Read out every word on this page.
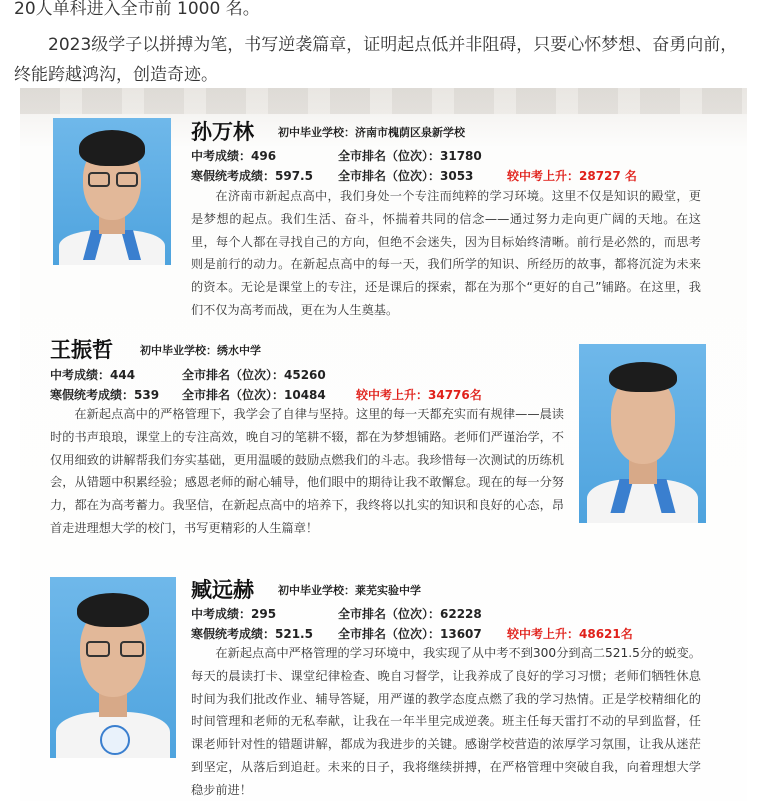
20人单科进入全市前 1000 名。

2023级学子以拼搏为笔，书写逆袭篇章，证明起点低并非阻碍，只要心怀梦想、奋勇向前，终能跨越鸿沟，创造奇迹。

孙万林 初中毕业学校：济南市槐荫区泉新学校
中考成绩：496	全市排名（位次）：31780
寒假统考成绩：597.5 全市排名（位次）：3053	较中考上升：28727 名

在济南市新起点高中，我们身处一个专注而纯粹的学习环境。这里不仅是知识的殿堂，更是梦想的起点。我们生活、奋斗，怀揣着共同的信念——通过努力走向更广阔的天地。在这里，每个人都在寻找自己的方向，但绝不会迷失，因为目标始终清晰。前行是必然的，而思考则是前行的动力。在新起点高中的每一天，我们所学的知识、所经历的故事，都将沉淀为未来的资本。无论是课堂上的专注，还是课后的探索，都在为那个“更好的自己”铺路。在这里，我们不仅为高考而战，更在为人生奠基。

王振哲 初中毕业学校：绣水中学
中考成绩：444	全市排名（位次）：45260
寒假统考成绩：539 全市排名（位次）：10484	较中考上升：34776名

在新起点高中的严格管理下，我学会了自律与坚持。这里的每一天都充实而有规律——晨读时的书声琅琅，课堂上的专注高效，晚自习的笔耕不辍，都在为梦想铺路。老师们严谨治学，不仅用细致的讲解帮我们夯实基础，更用温暖的鼓励点燃我们的斗志。我珍惜每一次测试的历练机会，从错题中积累经验；感恩老师的耐心辅导，他们眼中的期待让我不敢懈怠。现在的每一分努力，都在为高考蓄力。我坚信，在新起点高中的培养下，我终将以扎实的知识和良好的心态，昂首走进理想大学的校门，书写更精彩的人生篇章！

臧远赫 初中毕业学校：莱芜实验中学
中考成绩：295	全市排名（位次）：62228
寒假统考成绩：521.5 全市排名（位次）：13607 较中考上升：48621名

在新起点高中严格管理的学习环境中，我实现了从中考不到300分到高二521.5分的蜕变。每天的晨读打卡、课堂纪律检查、晚自习督学，让我养成了良好的学习习惯；老师们牺牲休息时间为我们批改作业、辅导答疑，用严谨的教学态度点燃了我的学习热情。正是学校精细化的时间管理和老师的无私奉献，让我在一年半里完成逆袭。班主任每天雷打不动的早到监督，任课老师针对性的错题讲解，都成为我进步的关键。感谢学校营造的浓厚学习氛围，让我从迷茫到坚定，从落后到追赶。未来的日子，我将继续拼搏，在严格管理中突破自我，向着理想大学稳步前进！
